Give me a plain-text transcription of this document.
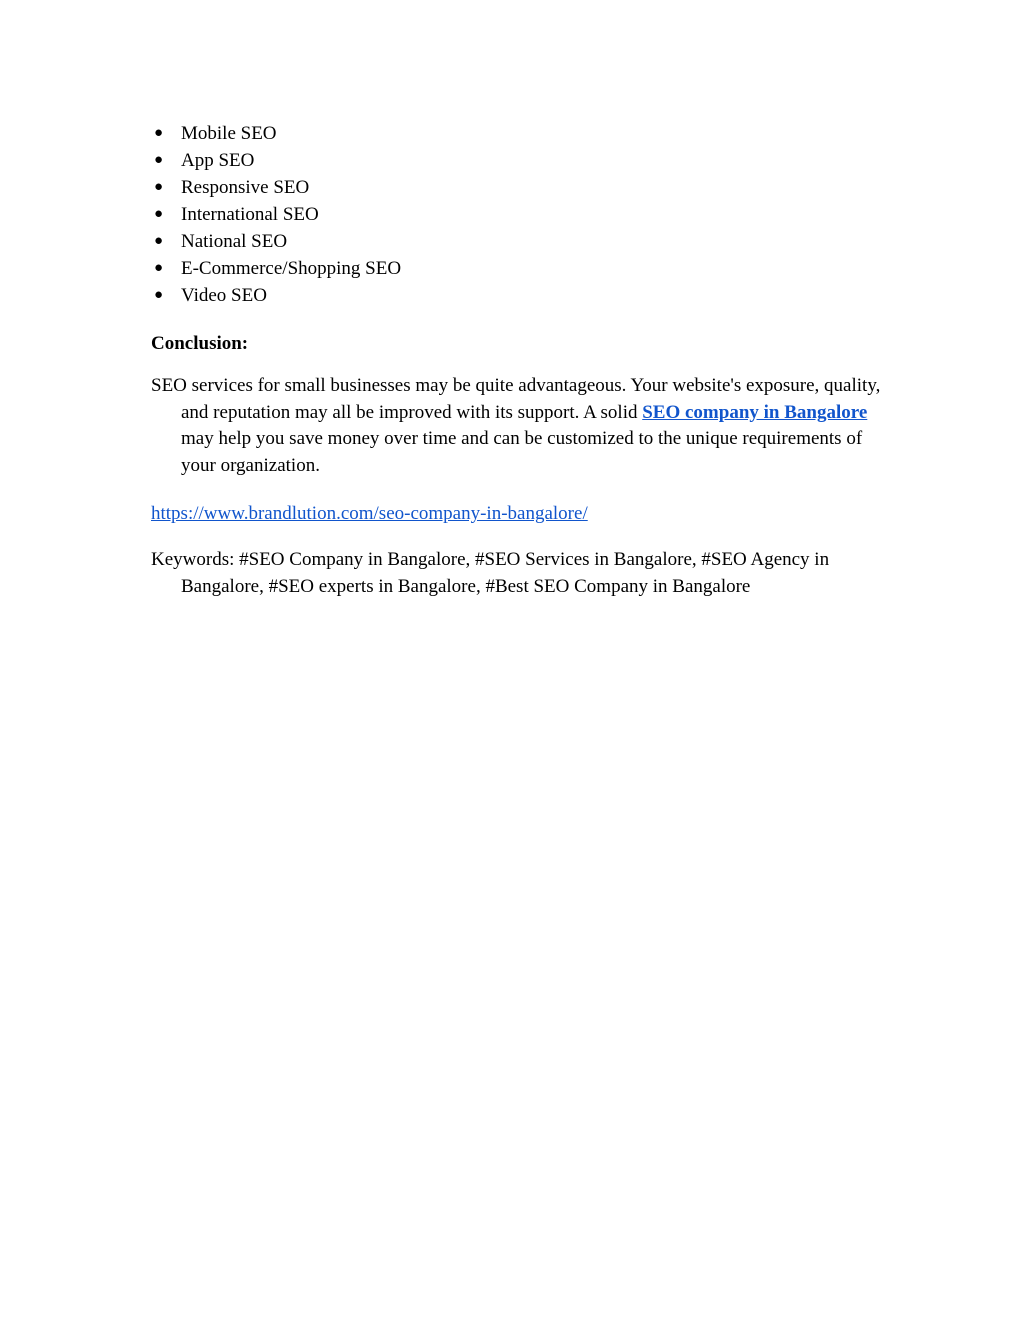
● Mobile SEO
● App SEO
● Responsive SEO
● International SEO
● National SEO
● E-Commerce/Shopping SEO
● Video SEO
Conclusion:
SEO services for small businesses may be quite advantageous. Your website's exposure, quality, and reputation may all be improved with its support. A solid SEO company in Bangalore may help you save money over time and can be customized to the unique requirements of your organization.
https://www.brandlution.com/seo-company-in-bangalore/
Keywords: #SEO Company in Bangalore, #SEO Services in Bangalore, #SEO Agency in Bangalore, #SEO experts in Bangalore, #Best SEO Company in Bangalore
